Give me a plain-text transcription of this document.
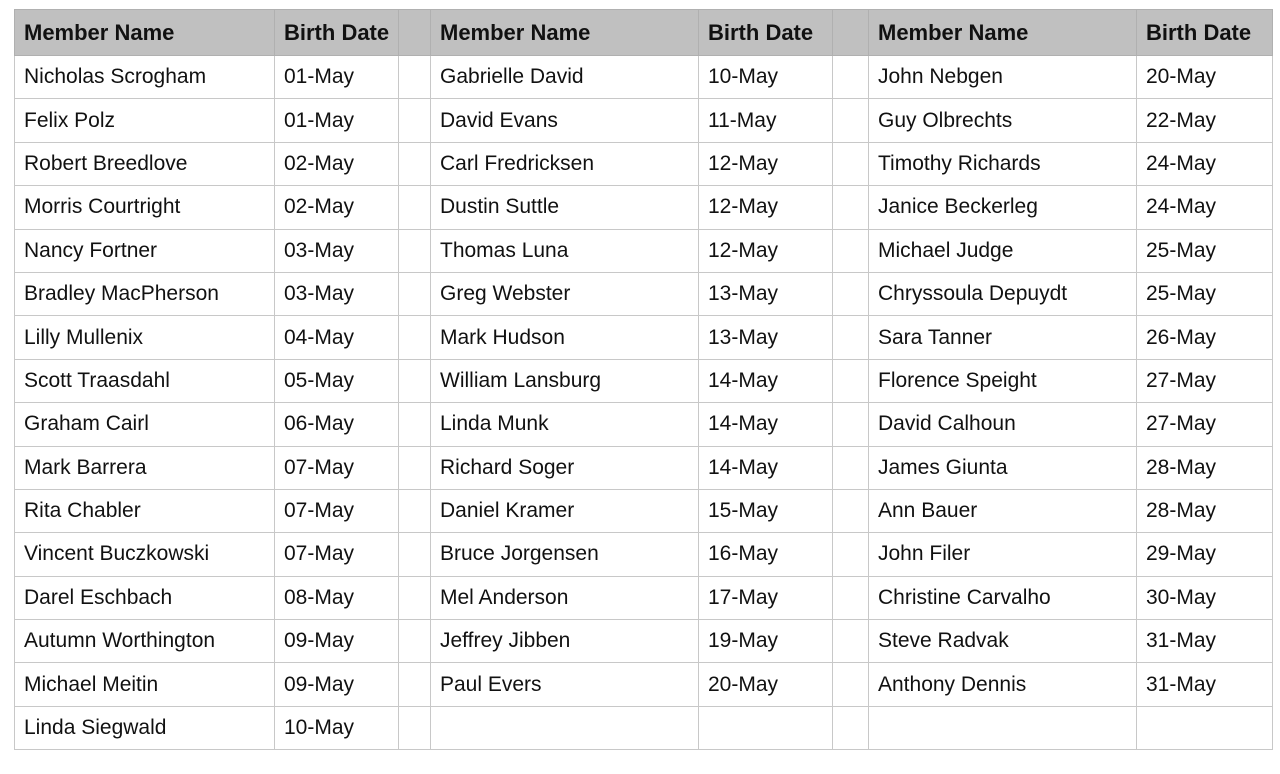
Member Name	Birth Date		Member Name	Birth Date		Member Name	Birth Date
Nicholas Scrogham	01-May		Gabrielle David	10-May		John Nebgen	20-May
Felix Polz	01-May		David Evans	11-May		Guy Olbrechts	22-May
Robert Breedlove	02-May		Carl Fredricksen	12-May		Timothy Richards	24-May
Morris Courtright	02-May		Dustin Suttle	12-May		Janice Beckerleg	24-May
Nancy Fortner	03-May		Thomas Luna	12-May		Michael Judge	25-May
Bradley MacPherson	03-May		Greg Webster	13-May		Chryssoula Depuydt	25-May
Lilly Mullenix	04-May		Mark Hudson	13-May		Sara Tanner	26-May
Scott Traasdahl	05-May		William Lansburg	14-May		Florence Speight	27-May
Graham Cairl	06-May		Linda Munk	14-May		David Calhoun	27-May
Mark Barrera	07-May		Richard Soger	14-May		James Giunta	28-May
Rita Chabler	07-May		Daniel Kramer	15-May		Ann Bauer	28-May
Vincent Buczkowski	07-May		Bruce Jorgensen	16-May		John Filer	29-May
Darel Eschbach	08-May		Mel Anderson	17-May		Christine Carvalho	30-May
Autumn Worthington	09-May		Jeffrey Jibben	19-May		Steve Radvak	31-May
Michael Meitin	09-May		Paul Evers	20-May		Anthony Dennis	31-May
Linda Siegwald	10-May						
